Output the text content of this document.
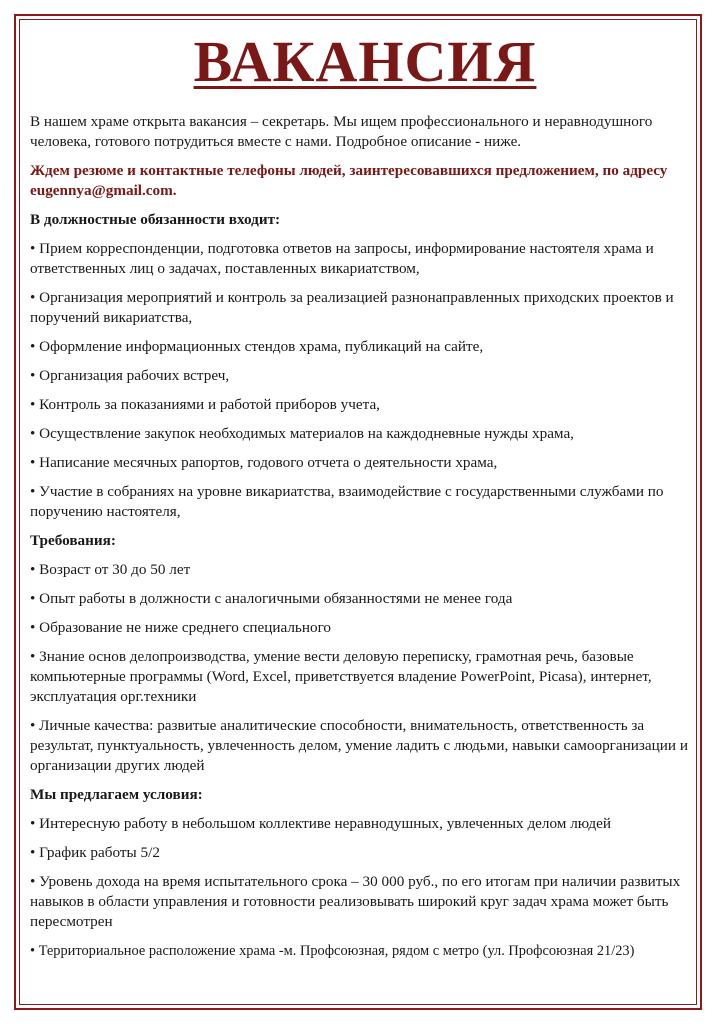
ВАКАНСИЯ

В нашем храме открыта вакансия – секретарь. Мы ищем профессионального и неравнодушного человека, готового потрудиться вместе с нами. Подробное описание - ниже.

Ждем резюме и контактные телефоны людей, заинтересовавшихся предложением, по адресу eugennya@gmail.com.

В должностные обязанности входит:

• Прием корреспонденции, подготовка ответов на запросы, информирование настоятеля храма и ответственных лиц о задачах, поставленных викариатством,

• Организация мероприятий и контроль за реализацией разнонаправленных приходских проектов и поручений викариатства,

• Оформление информационных стендов храма, публикаций на сайте,

• Организация рабочих встреч,

• Контроль за показаниями и работой приборов учета,

• Осуществление закупок необходимых материалов на каждодневные нужды храма,

• Написание месячных рапортов, годового отчета о деятельности храма,

• Участие в собраниях на уровне викариатства, взаимодействие с государственными службами по поручению настоятеля,

Требования:

• Возраст от 30 до 50 лет

• Опыт работы в должности с аналогичными обязанностями не менее года

• Образование не ниже среднего специального

• Знание основ делопроизводства, умение вести деловую переписку, грамотная речь, базовые компьютерные программы (Word, Excel, приветствуется владение PowerPoint, Picasa), интернет, эксплуатация орг.техники

• Личные качества: развитые аналитические способности, внимательность, ответственность за результат, пунктуальность, увлеченность делом, умение ладить с людьми, навыки самоорганизации и организации других людей

Мы предлагаем условия:

• Интересную работу в небольшом коллективе неравнодушных, увлеченных делом людей

• График работы 5/2

• Уровень дохода на время испытательного срока – 30 000 руб., по его итогам при наличии развитых навыков в области управления и готовности реализовывать широкий круг задач храма может быть пересмотрен

• Территориальное расположение храма -м. Профсоюзная, рядом с метро (ул. Профсоюзная 21/23)
